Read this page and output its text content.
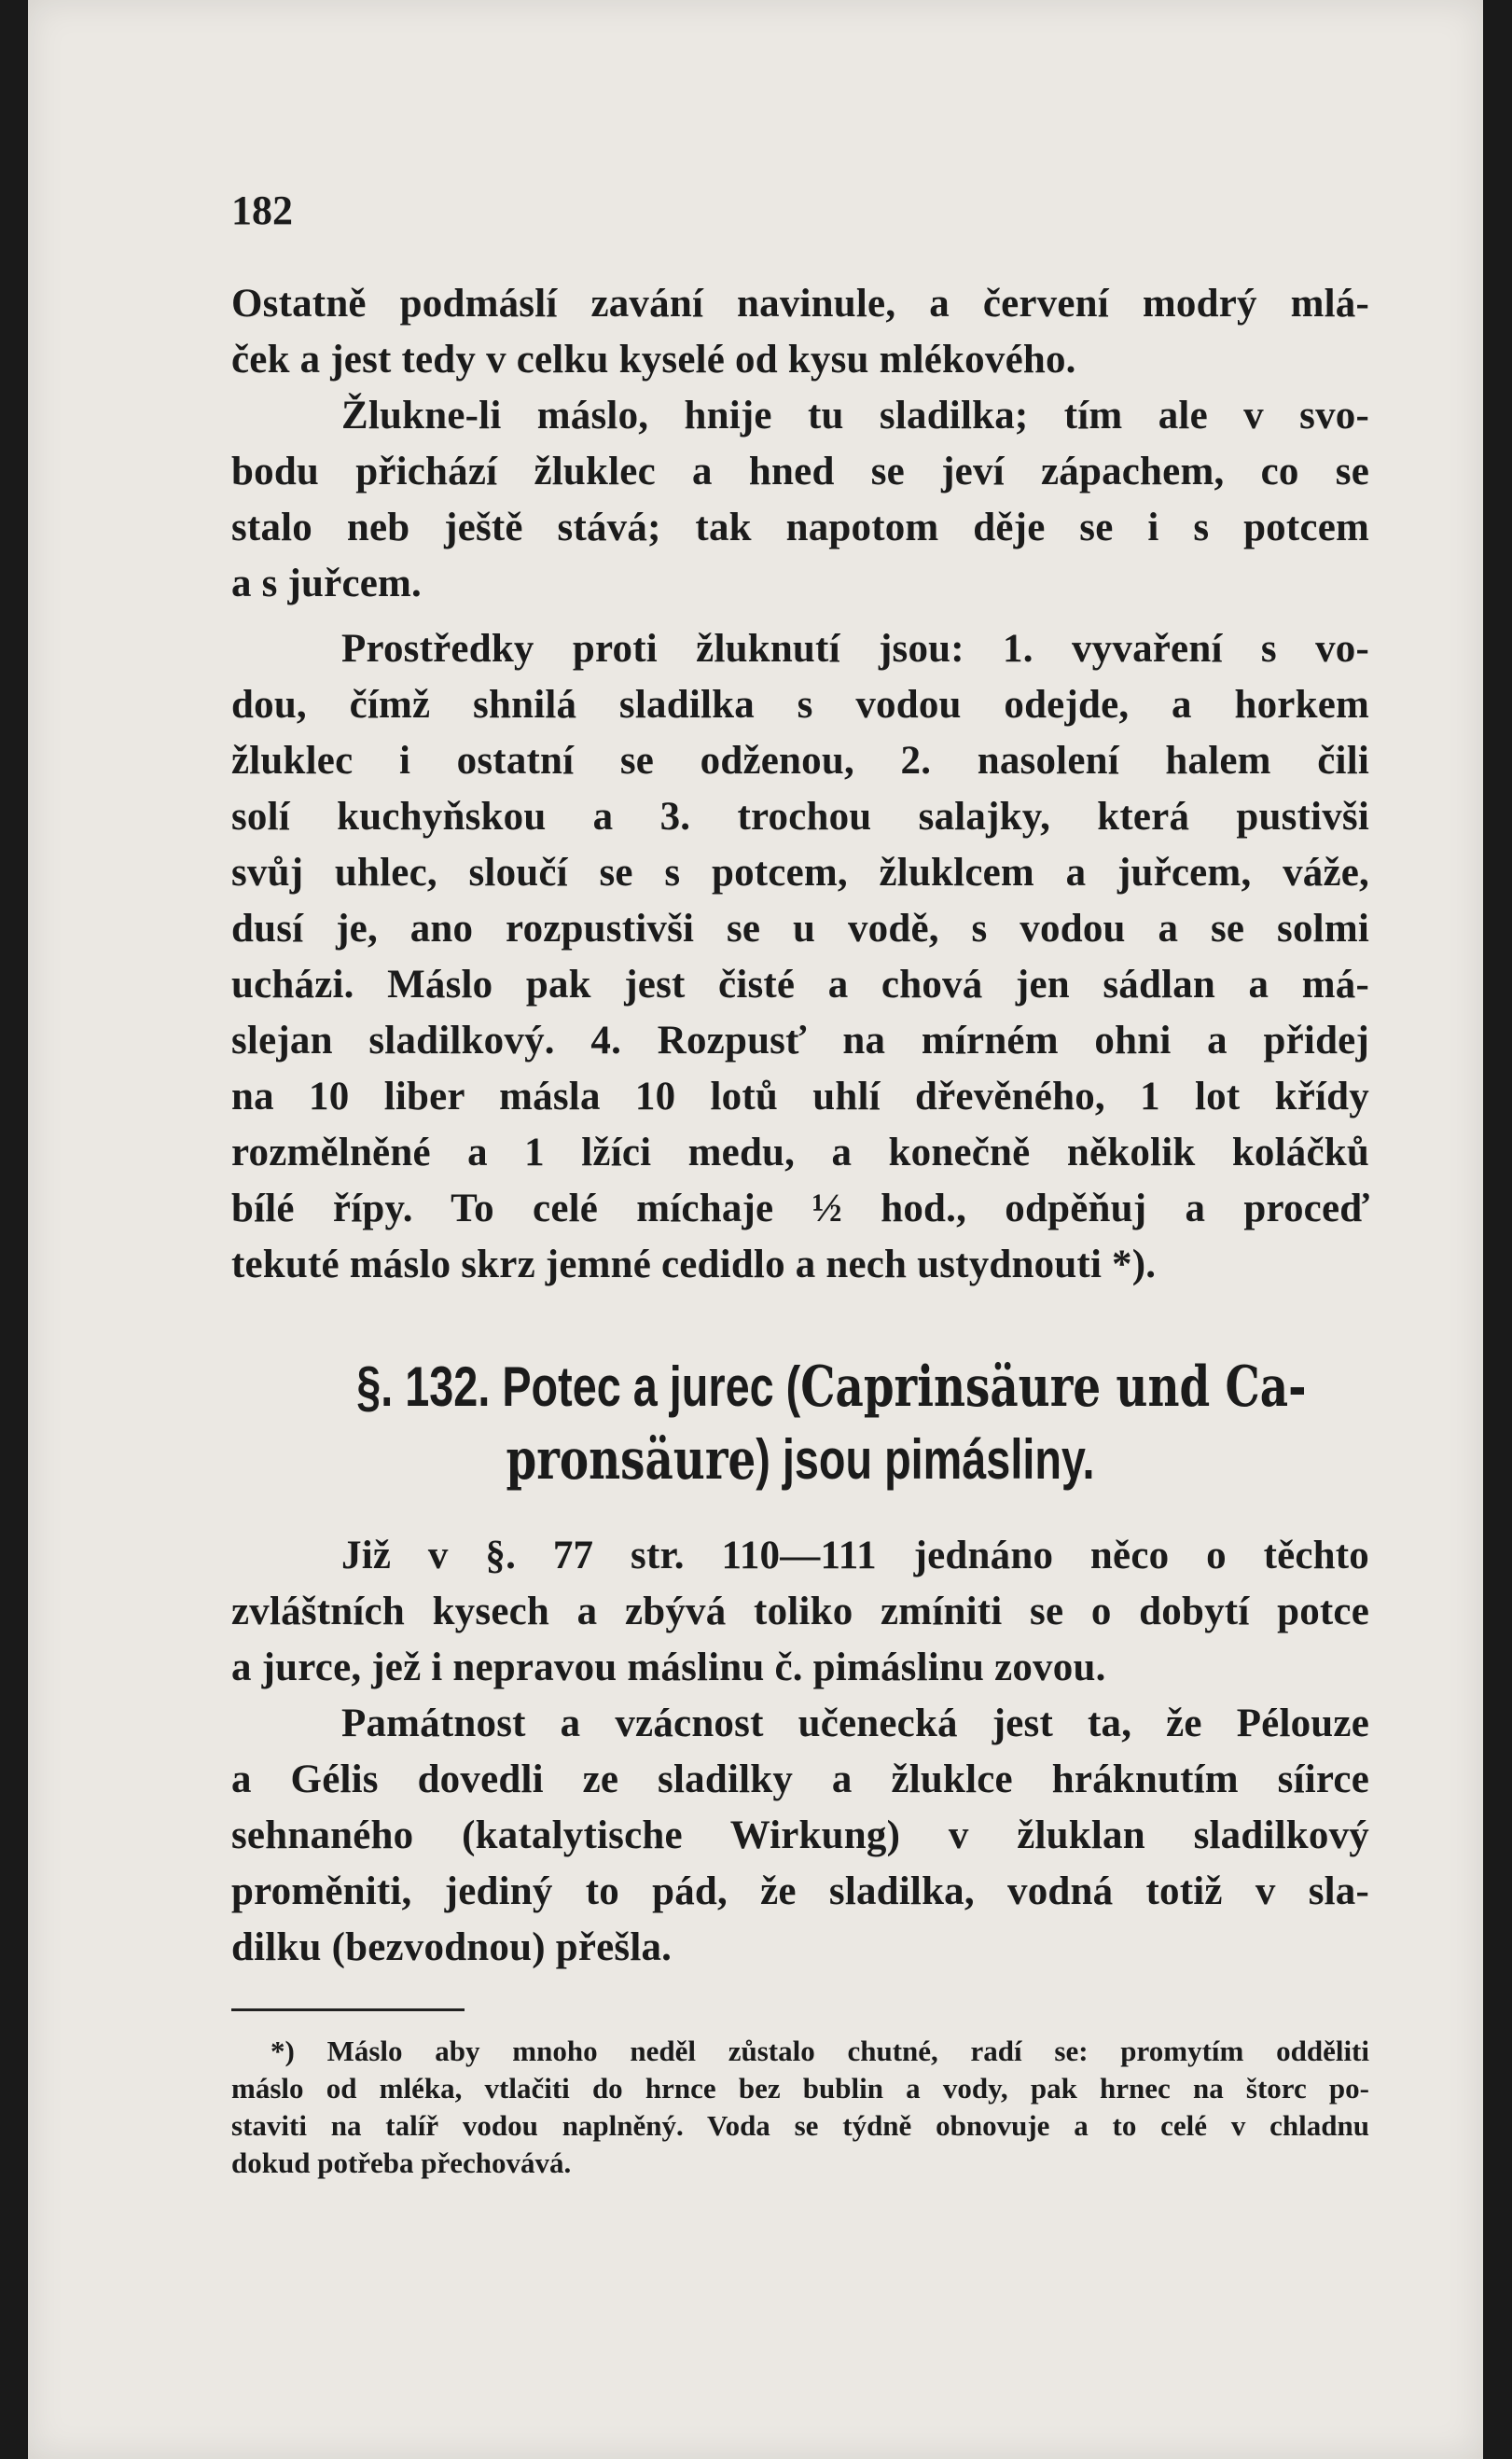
182
Ostatně podmáslí zavání navinule, a červení modrý mlá-
ček a jest tedy v celku kyselé od kysu mlékového.
Žlukne-li máslo, hnije tu sladilka; tím ale v svo-
bodu přichází žluklec a hned se jeví zápachem, co se
stalo neb ještě stává; tak napotom děje se i s potcem
a s juřcem.
Prostředky proti žluknutí jsou: 1. vyvaření s vo-
dou, čímž shnilá sladilka s vodou odejde, a horkem
žluklec i ostatní se odženou, 2. nasolení halem čili
solí kuchyňskou a 3. trochou salajky, která pustivši
svůj uhlec, sloučí se s potcem, žluklcem a juřcem, váže,
dusí je, ano rozpustivši se u vodě, s vodou a se solmi
ucházi. Máslo pak jest čisté a chová jen sádlan a má-
slejan sladilkový. 4. Rozpusť na mírném ohni a přidej
na 10 liber másla 10 lotů uhlí dřevěného, 1 lot křídy
rozmělněné a 1 lžíci medu, a konečně několik koláčků
bílé řípy. To celé míchaje ½ hod., odpěňuj a proceď
tekuté máslo skrz jemné cedidlo a nech ustydnouti *).
§. 132. Potec a jurec (Caprinsäure und Ca-
pronsäure) jsou pimásliny.
Již v §. 77 str. 110—111 jednáno něco o těchto
zvláštních kysech a zbývá toliko zmíniti se o dobytí potce
a jurce, jež i nepravou máslinu č. pimáslinu zovou.
Památnost a vzácnost učenecká jest ta, že Pélouze
a Gélis dovedli ze sladilky a žluklce hráknutím síirce
sehnaného (katalytische Wirkung) v žluklan sladilkový
proměniti, jediný to pád, že sladilka, vodná totiž v sla-
dilku (bezvodnou) přešla.
*) Máslo aby mnoho neděl zůstalo chutné, radí se: promytím odděliti
máslo od mléka, vtlačiti do hrnce bez bublin a vody, pak hrnec na štorc po-
staviti na talíř vodou naplněný. Voda se týdně obnovuje a to celé v chladnu
dokud potřeba přechovává.
